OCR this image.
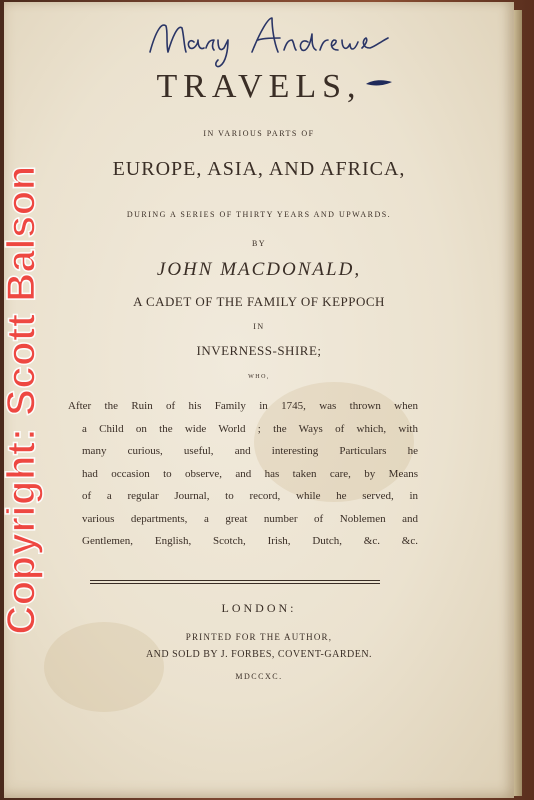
TRAVELS,
IN VARIOUS PARTS OF
EUROPE, ASIA, AND AFRICA,
DURING A SERIES OF THIRTY YEARS AND UPWARDS.
BY
JOHN MACDONALD,
A CADET OF THE FAMILY OF KEPPOCH
IN
INVERNESS-SHIRE;
WHO,
After the Ruin of his Family in 1745, was thrown when
a Child on the wide World ; the Ways of which, with
many curious, useful, and interesting Particulars he
had occasion to observe, and has taken care, by Means
of a regular Journal, to record, while he served, in
various departments, a great number of Noblemen and
Gentlemen, English, Scotch, Irish, Dutch, &c. &c.
LONDON:
PRINTED FOR THE AUTHOR,
AND SOLD BY J. FORBES, COVENT-GARDEN.
MDCCXC.
Copyright: Scott Balson
